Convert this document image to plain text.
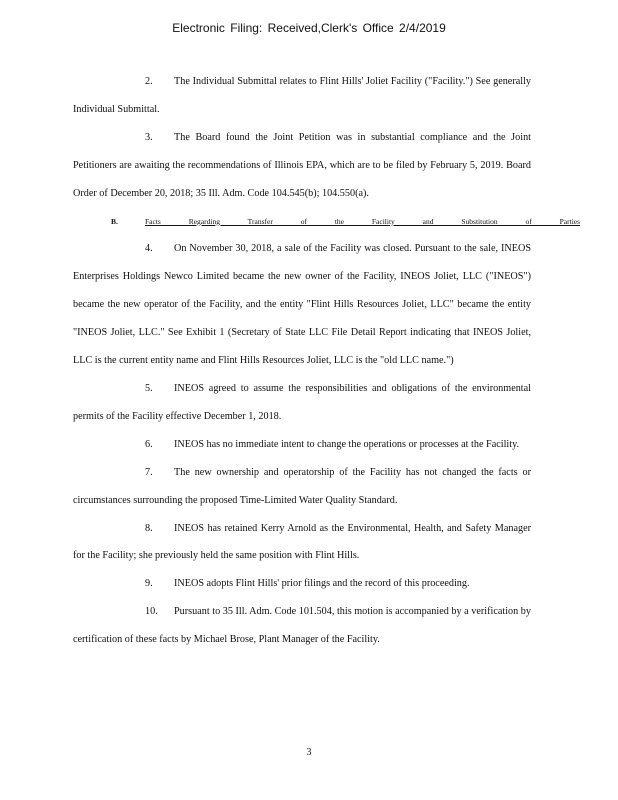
Electronic Filing: Received,Clerk's Office 2/4/2019

2. The Individual Submittal relates to Flint Hills' Joliet Facility ("Facility.") See generally Individual Submittal.

3. The Board found the Joint Petition was in substantial compliance and the Joint Petitioners are awaiting the recommendations of Illinois EPA, which are to be filed by February 5, 2019. Board Order of December 20, 2018; 35 Ill. Adm. Code 104.545(b); 104.550(a).

B.	Facts Regarding Transfer of the Facility and Substitution of Parties

4. On November 30, 2018, a sale of the Facility was closed. Pursuant to the sale, INEOS Enterprises Holdings Newco Limited became the new owner of the Facility, INEOS Joliet, LLC ("INEOS") became the new operator of the Facility, and the entity "Flint Hills Resources Joliet, LLC" became the entity "INEOS Joliet, LLC." See Exhibit 1 (Secretary of State LLC File Detail Report indicating that INEOS Joliet, LLC is the current entity name and Flint Hills Resources Joliet, LLC is the "old LLC name.")

5. INEOS agreed to assume the responsibilities and obligations of the environmental permits of the Facility effective December 1, 2018.

6. INEOS has no immediate intent to change the operations or processes at the Facility.

7. The new ownership and operatorship of the Facility has not changed the facts or circumstances surrounding the proposed Time-Limited Water Quality Standard.

8. INEOS has retained Kerry Arnold as the Environmental, Health, and Safety Manager for the Facility; she previously held the same position with Flint Hills.

9. INEOS adopts Flint Hills' prior filings and the record of this proceeding.

10. Pursuant to 35 Ill. Adm. Code 101.504, this motion is accompanied by a verification by certification of these facts by Michael Brose, Plant Manager of the Facility.

3
